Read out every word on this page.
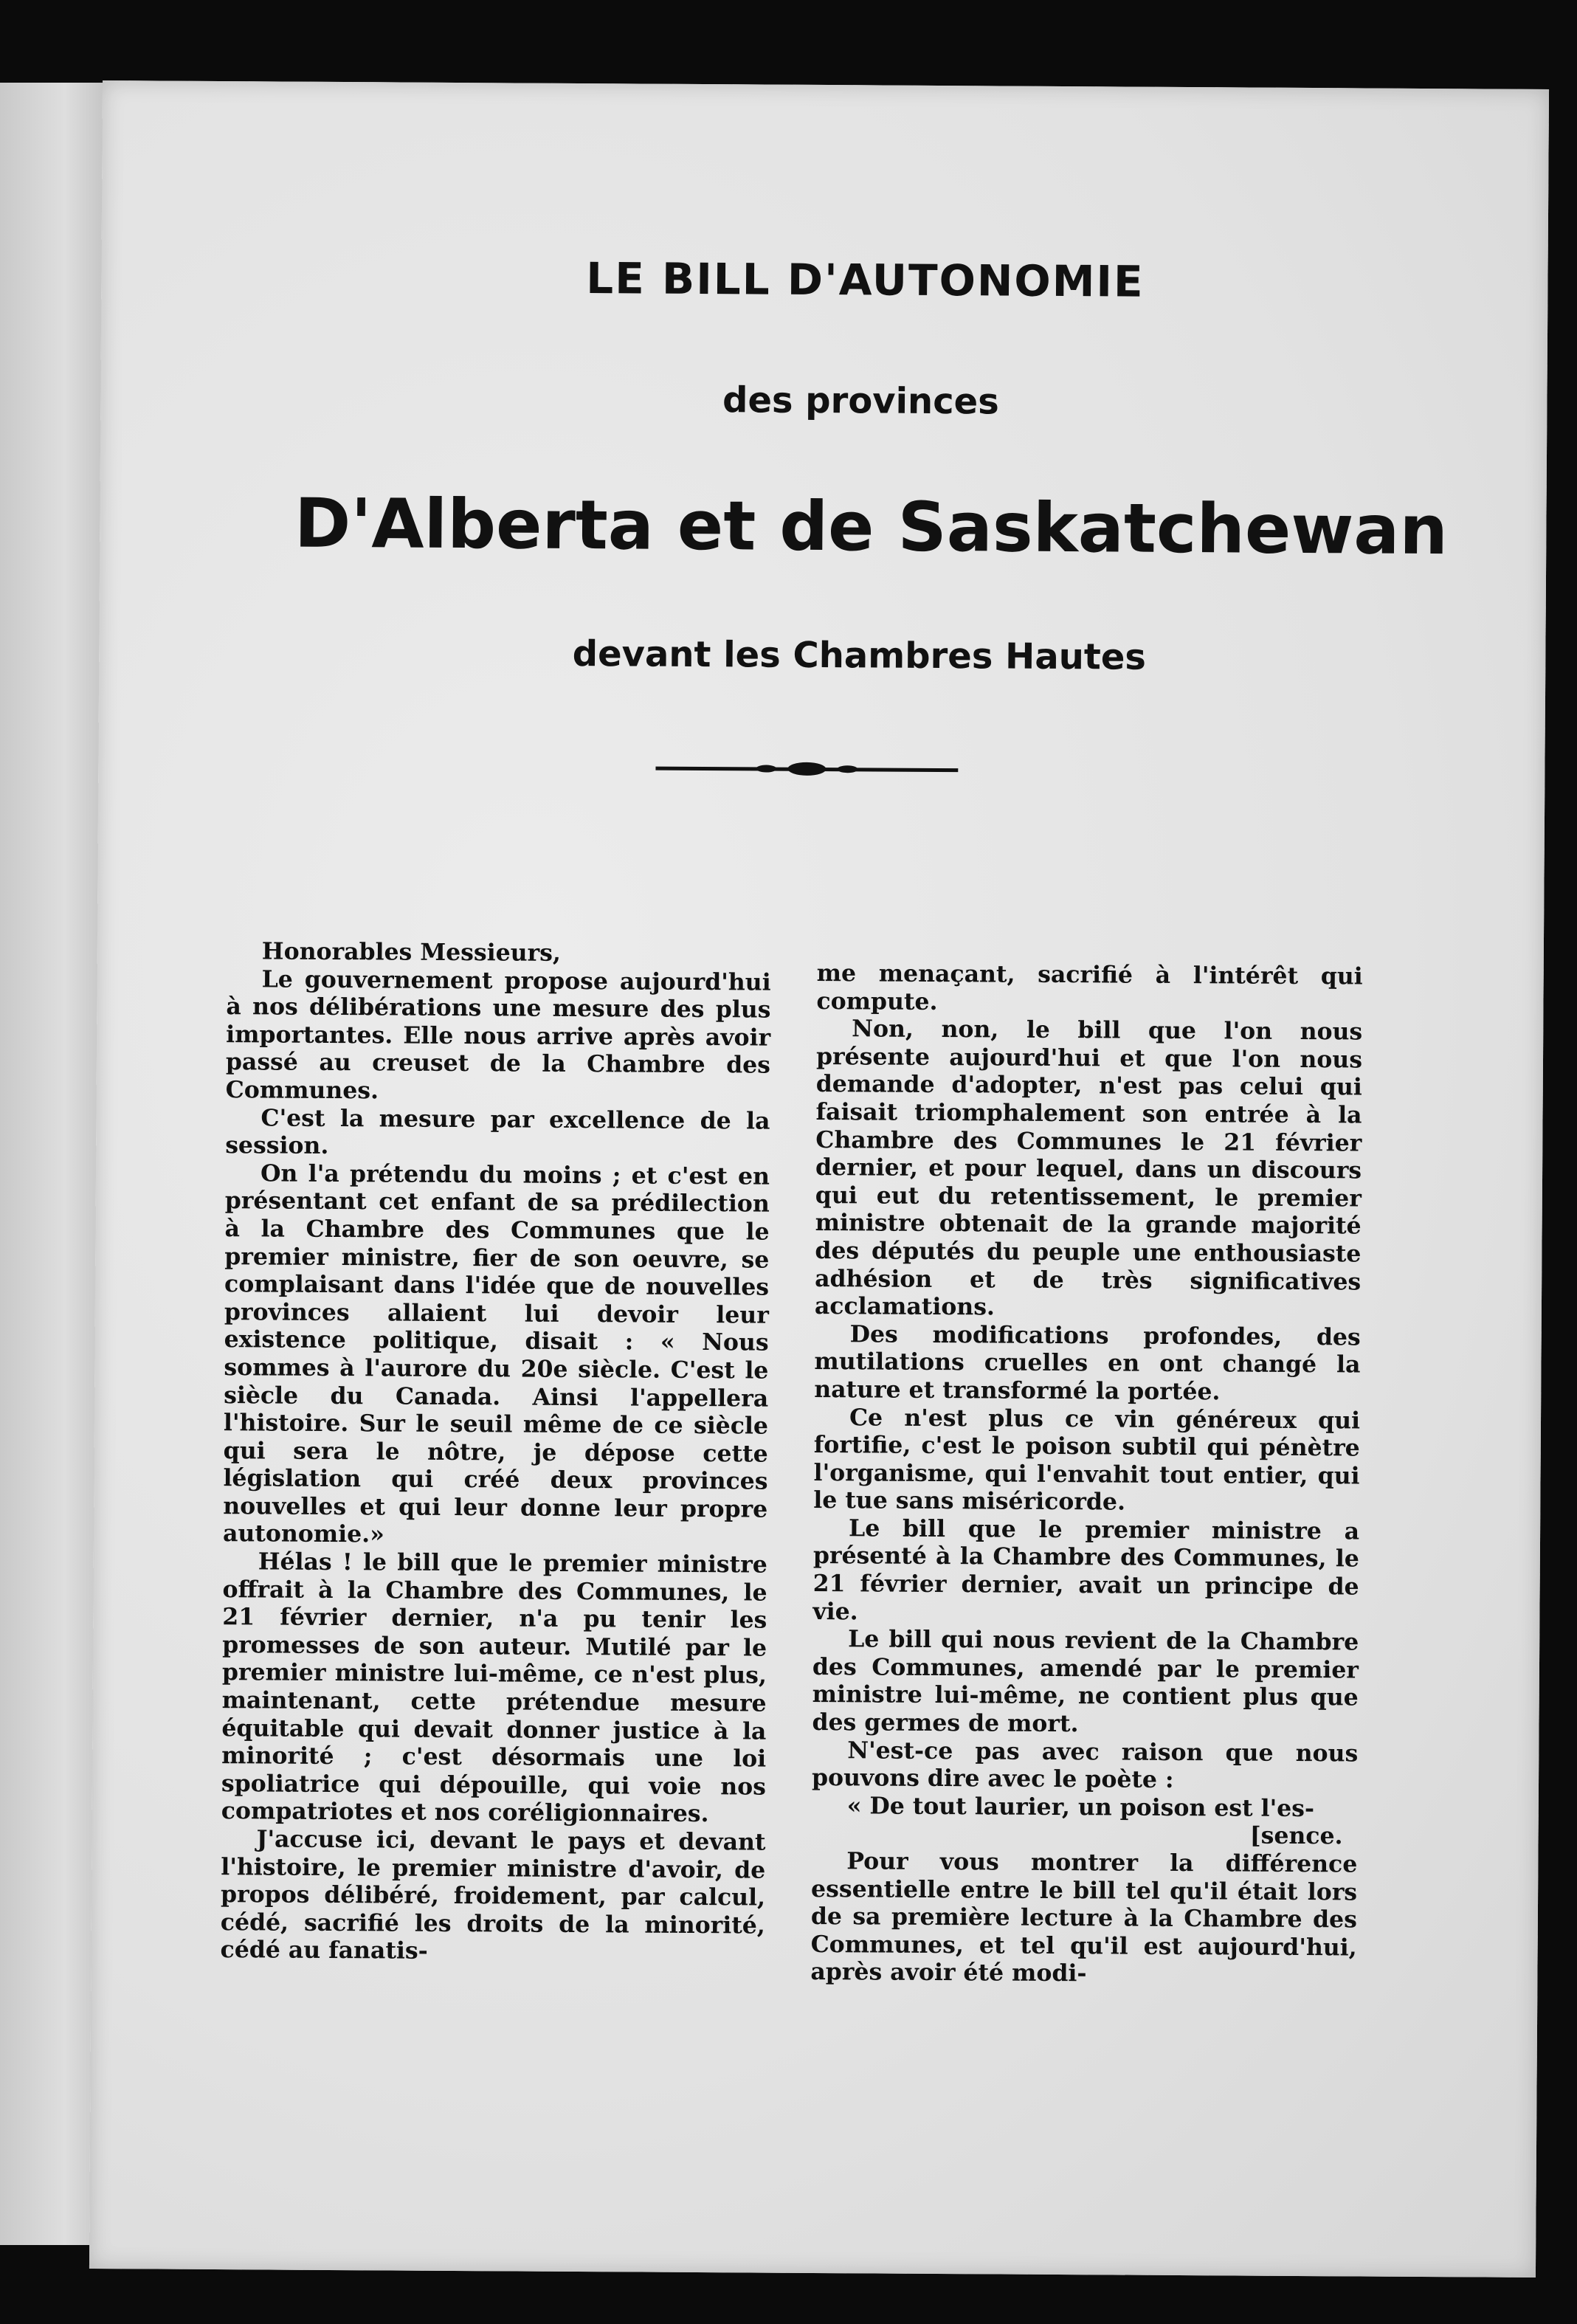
LE BILL D'AUTONOMIE
des provinces
D'Alberta et de Saskatchewan
devant les Chambres Hautes

Honorables Messieurs,

Le gouvernement propose aujourd'hui à nos délibérations une mesure des plus importantes. Elle nous arrive après avoir passé au creuset de la Chambre des Communes.

C'est la mesure par excellence de la session.

On l'a prétendu du moins ; et c'est en présentant cet enfant de sa prédilection à la Chambre des Communes que le premier ministre, fier de son oeuvre, se complaisant dans l'idée que de nouvelles provinces allaient lui devoir leur existence politique, disait : « Nous sommes à l'aurore du 20e siècle. C'est le siècle du Canada. Ainsi l'appellera l'histoire. Sur le seuil même de ce siècle qui sera le nôtre, je dépose cette législation qui créé deux provinces nouvelles et qui leur donne leur propre autonomie.»

Hélas ! le bill que le premier ministre offrait à la Chambre des Communes, le 21 février dernier, n'a pu tenir les promesses de son auteur. Mutilé par le premier ministre lui-même, ce n'est plus, maintenant, cette prétendue mesure équitable qui devait donner justice à la minorité ; c'est désormais une loi spoliatrice qui dépouille, qui voie nos compatriotes et nos coréligionnaires.

J'accuse ici, devant le pays et devant l'histoire, le premier ministre d'avoir, de propos délibéré, froidement, par calcul, cédé, sacrifié les droits de la minorité, cédé au fanatis-

me menaçant, sacrifié à l'intérêt qui compute.

Non, non, le bill que l'on nous présente aujourd'hui et que l'on nous demande d'adopter, n'est pas celui qui faisait triomphalement son entrée à la Chambre des Communes le 21 février dernier, et pour lequel, dans un discours qui eut du retentissement, le premier ministre obtenait de la grande majorité des députés du peuple une enthousiaste adhésion et de très significatives acclamations.

Des modifications profondes, des mutilations cruelles en ont changé la nature et transformé la portée.

Ce n'est plus ce vin généreux qui fortifie, c'est le poison subtil qui pénètre l'organisme, qui l'envahit tout entier, qui le tue sans miséricorde.

Le bill que le premier ministre a présenté à la Chambre des Communes, le 21 février dernier, avait un principe de vie.

Le bill qui nous revient de la Chambre des Communes, amendé par le premier ministre lui-même, ne contient plus que des germes de mort.

N'est-ce pas avec raison que nous pouvons dire avec le poète :

« De tout laurier, un poison est l'es-

[sence.

Pour vous montrer la différence essentielle entre le bill tel qu'il était lors de sa première lecture à la Chambre des Communes, et tel qu'il est aujourd'hui, après avoir été modi-
